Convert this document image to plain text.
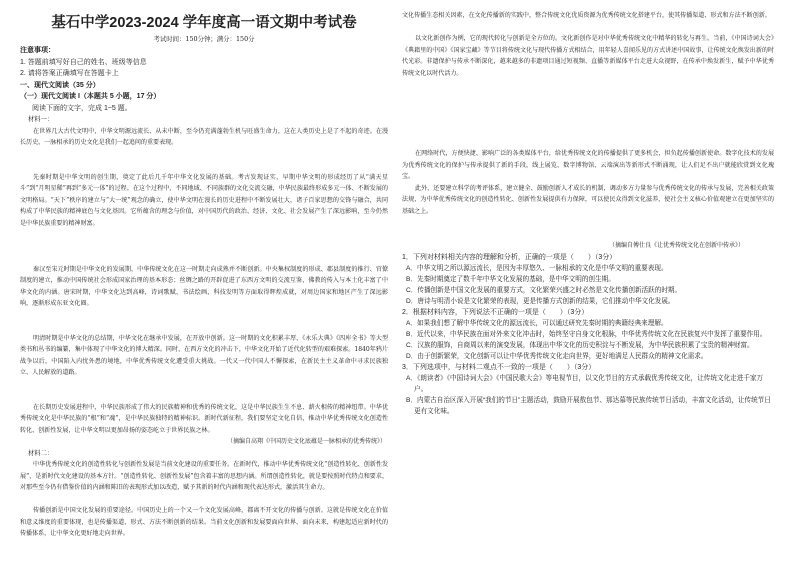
基石中学2023-2024 学年度高一语文期中考试卷
考试时间：150分钟；满分：150分
注意事项：
1. 答题前填写好自己的姓名、班级等信息
2. 请将答案正确填写在答题卡上
一、现代文阅读（35 分）
（一）现代文阅读 I（本题共 5 小题，17 分）
阅读下面的文字，完成 1~5 题。
材料一：
在世界几大古代文明中，中华文明源远流长、从未中断，至今仍充满蓬勃生机与旺盛生命力，这在人类历史上是了不起的奇迹。在漫长历史、一脉相承的历史文化是我们一起追问的重要表现。
先秦时期是中华文明的创生期，奠定了此后几千年中华文化发展的基础。考古发现证实，早期中华文明的形成经历了从“满天星斗”到“月明星稀”再到“多元一体”的过程。在这个过程中，不同地域、不同族群的文化交流交融，中华民族最终形成多元一体、不断发展的文明格局。“天下”秩序的建立与“大一统”观念的确立，使中华文明在漫长的历史进程中不断发展壮大，诸子百家思想的交锋与融合，共同构成了中华民族的精神底色与文化基因。它所蕴含的理念与价值，对中国历代的政治、经济、文化、社会发展产生了深远影响，至今仍然是中华民族重要的精神财富。
秦汉至宋元时期是中华文化的发展期，中华传统文化在这一时期走向成熟并不断创新。中央集权制度的形成、郡县制度的推行、官僚制度的建立，推动中国传统社会形成国家治理的基本形态；丝绸之路的开辟促进了东西方文明的交流互鉴，佛教的传入与本土化丰富了中华文化的内涵。唐宋时期，中华文化达到高峰，诗词歌赋、书法绘画、科技发明等方面取得辉煌成就，对周边国家和地区产生了深远影响，逐渐形成东亚文化圈。
明清时期是中华文化的总结期，中华文化在继承中发展，在开放中创新。这一时期的文化积累丰厚，《永乐大典》《四库全书》等大型类书和丛书的编纂，集中体现了中华文化的博大精深。同时，在西方文化的冲击下，中华文化开始了近代化转型的艰难探索。1840年鸦片战争以后，中国陷入内忧外患的境地，中华优秀传统文化遭受重大挑战。一代又一代中国人不懈探索，在新民主主义革命中寻求民族独立、人民解放的道路。
在长期历史发展进程中，中华民族形成了伟大的民族精神和优秀的传统文化，这是中华民族生生不息、薪火相传的精神纽带。中华优秀传统文化是中华民族的“根”和“魂”，是中华民族独特的精神标识。新时代新征程，我们要坚定文化自信，推动中华优秀传统文化创造性转化、创新性发展，让中华文明以更加昂扬的姿态屹立于世界民族之林。
（摘编自高翔《中国历史文化底蕴是一脉相承的优秀传统》）
材料二：
中华优秀传统文化的创造性转化与创新性发展是当前文化建设的重要任务。在新时代，推动中华优秀传统文化“创造性转化、创新性发展”，是新时代文化建设的基本方针。“创造性转化、创新性发展”包含着丰富的思想内涵。所谓创造性转化，就是要按照时代特点和要求，对那些至今仍有借鉴价值的内涵和陈旧的表现形式加以改造，赋予其新的时代内涵和现代表达形式，激活其生命力。
传播创新是中国文化发展的重要途径。中国历史上的一个又一个文化发展高峰，都离不开文化的传播与创新。这就是传统文化在价值和意义维度的重要体现，也是传播渠道、形式、方法不断创新的结果。当前文化创新和发展要面向世界、面向未来，构建起适应新时代的传播体系，让中华文化更好地走向世界。
文化传播生态相关因素，在文化传播新的实践中，整合传统文化优质资源为优秀传统文化搭建平台，使其传播渠道、形式和方法不断创新。
以文化新创作为例，它的现代转化与创新是全方位的。文化新创作是对中华优秀传统文化中精华的转化与再生。当前，《中国诗词大会》《典籍里的中国》《国家宝藏》等节目将传统文化与现代传播方式相结合，用年轻人喜闻乐见的方式讲述中国故事，让传统文化焕发出新的时代光彩。非遗保护与传承不断深化，越来越多的非遗项目通过短视频、直播等新媒体平台走进大众视野，在传承中焕发新生，赋予中华优秀传统文化以时代活力。
在网络时代，方便快捷、影响广泛的各类媒体平台，给优秀传统文化的传播提供了更多机会，担负起传播创新使命。数字化技术的发展为优秀传统文化的保护与传承提供了新的手段，线上展览、数字博物馆、云端演出等新形式不断涌现，让人们足不出户就能欣赏到文化瑰宝。
此外，还要建立科学的考评体系，建立健全、鼓励创新人才成长的机制，调动多方力量参与优秀传统文化的传承与发展，完善相关政策法规，为中华优秀传统文化的创造性转化、创新性发展提供有力保障，可以使民众得到文化滋养，使社会主义核心价值观建立在更加坚实的基础之上。
（摘编自傅仕良《让优秀传统文化在创新中传承》）
1．下列对材料相关内容的理解和分析，正确的一项是（　　）（3分）
A．中华文明之所以源远流长，是因为丰厚悠久、一脉相承的文化是中华文明的重要表现。
B．先秦时期奠定了数千年中华文化发展的基础，是中华文明的创生期。
C．传播创新是中国文化发展的重要方式，文化繁荣兴盛之时必然是文化传播创新活跃的时期。
D．唐诗与明清小说是文化繁荣的表现，更是传播方式创新的结果，它们推动中华文化发展。
2．根据材料内容，下列说法不正确的一项是（　　）（3分）
A．如果我们想了解中华传统文化的源远流长，可以通过研究先秦时期的典籍经典来理解。
B．近代以来，中华民族在面对外来文化冲击时，始终坚守自身文化根脉，中华优秀传统文化在民族复兴中发挥了重要作用。
C．汉族的服饰，自商周以来的演变发展，体现出中华文化的历史积淀与不断发展，为中华民族积累了宝贵的精神财富。
D．由于创新繁荣，文化创新可以让中华优秀传统文化走向世界，更好地满足人民群众的精神文化需求。
3．下列选项中，与材料二观点不一致的一项是（　　）（3分）
A．《朗读者》《中国诗词大会》《中国民歌大会》等电视节目，以文化节目的方式承载优秀传统文化，让传统文化走进千家万户。
B．内蒙古自治区深入开展“我们的节日”主题活动，鼓励开展敖包节、那达慕等民族传统节日活动，丰富文化活动，让传统节日更有文化味。
